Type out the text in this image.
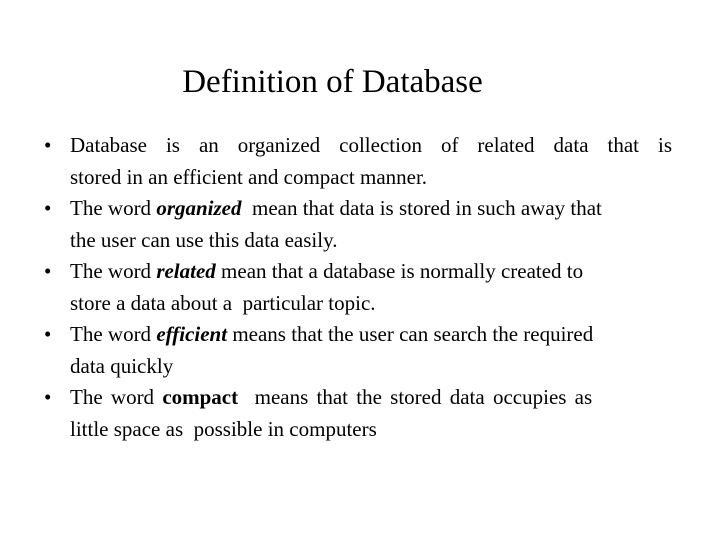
Definition of Database
• Database is an organized collection of related data that is
stored in an efficient and compact manner.
• The word organized  mean that data is stored in such away that
the user can use this data easily.
• The word related mean that a database is normally created to
store a data about a  particular topic.
• The word efficient means that the user can search the required
data quickly
• The word compact  means that the stored data occupies as
little space as  possible in computers
